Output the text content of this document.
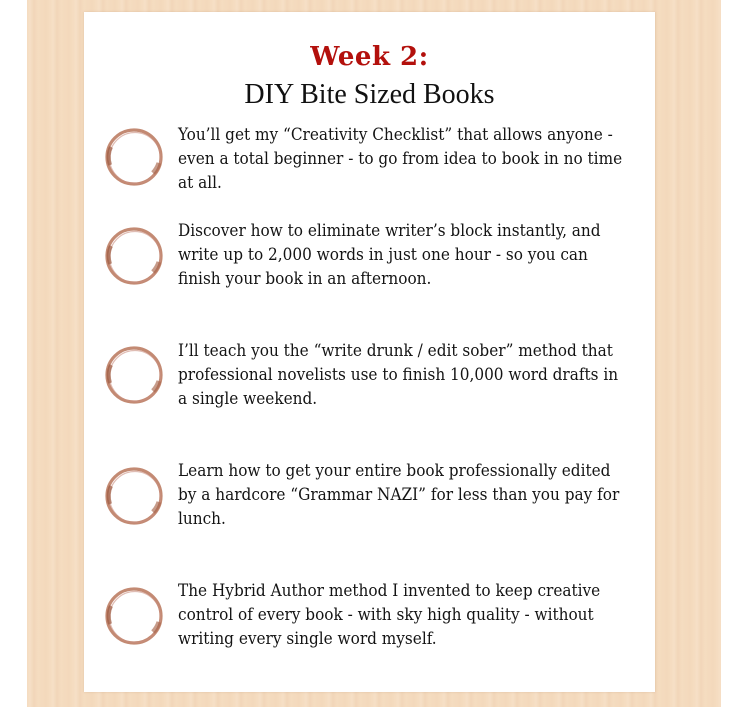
Week 2:
DIY Bite Sized Books
You’ll get my “Creativity Checklist” that allows anyone - even a total beginner - to go from idea to book in no time at all.
Discover how to eliminate writer’s block instantly, and write up to 2,000 words in just one hour - so you can finish your book in an afternoon.
I’ll teach you the “write drunk / edit sober” method that professional novelists use to finish 10,000 word drafts in a single weekend.
Learn how to get your entire book professionally edited by a hardcore “Grammar NAZI” for less than you pay for lunch.
The Hybrid Author method I invented to keep creative control of every book - with sky high quality - without writing every single word myself.
